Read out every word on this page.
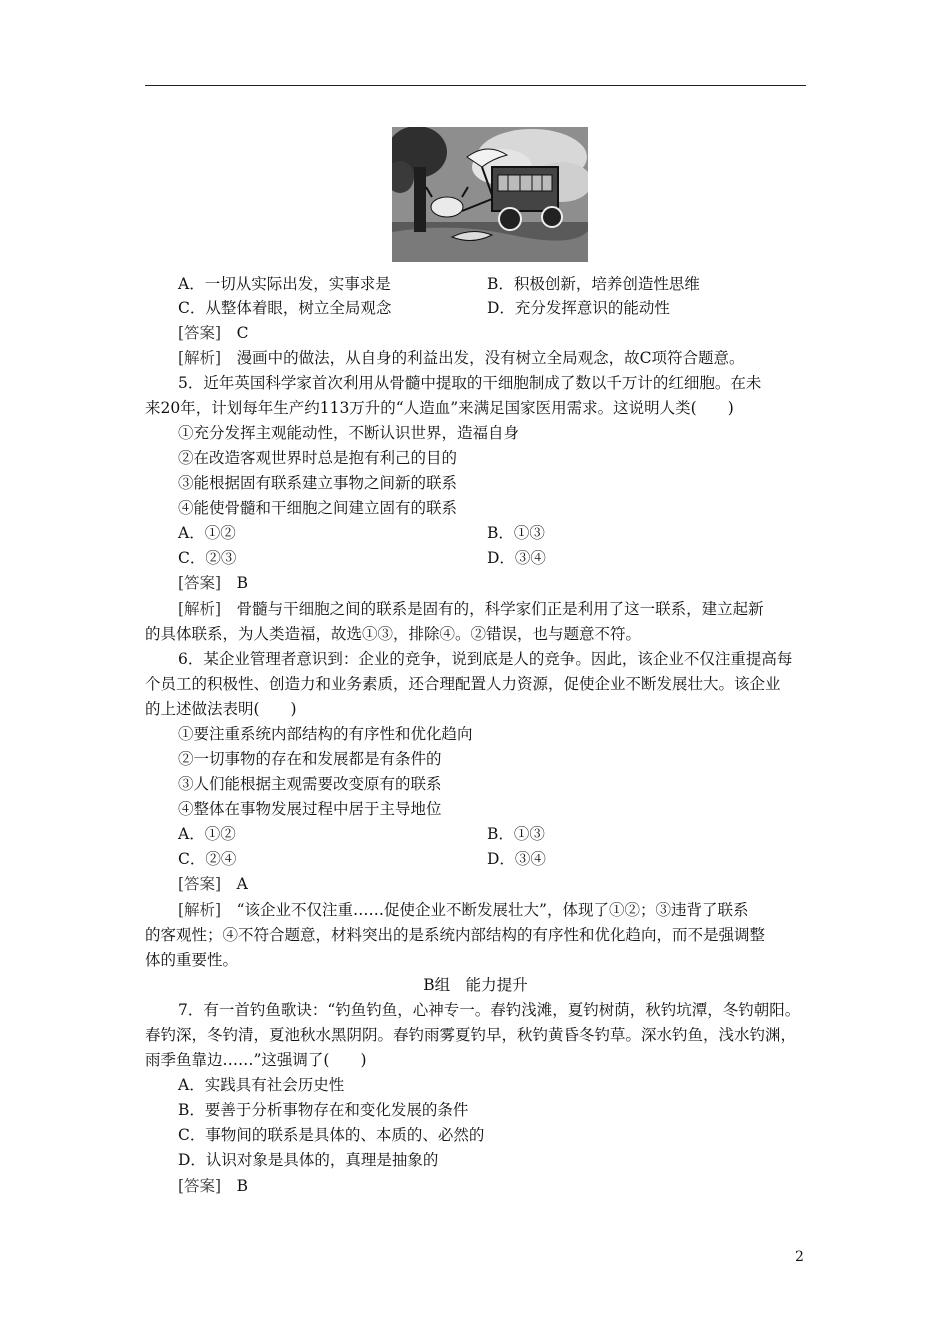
A．一切从实际出发，实事求是	B．积极创新，培养创造性思维
C．从整体着眼，树立全局观念	D．充分发挥意识的能动性
[答案]　 C
[解析]　 漫画中的做法，从自身的利益出发，没有树立全局观念，故C项符合题意。
5．近年英国科学家首次利用从骨髓中提取的干细胞制成了数以千万计的红细胞。在未
来20年，计划每年生产约113万升的“人造血”来满足国家医用需求。这说明人类(　　)
①充分发挥主观能动性，不断认识世界，造福自身
②在改造客观世界时总是抱有利己的目的
③能根据固有联系建立事物之间新的联系
④能使骨髓和干细胞之间建立固有的联系
A．①②	B．①③
C．②③	D．③④
[答案]　 B
[解析]　 骨髓与干细胞之间的联系是固有的，科学家们正是利用了这一联系，建立起新
的具体联系，为人类造福，故选①③，排除④。②错误，也与题意不符。
6．某企业管理者意识到：企业的竞争，说到底是人的竞争。因此，该企业不仅注重提高每
个员工的积极性、创造力和业务素质，还合理配置人力资源，促使企业不断发展壮大。该企业
的上述做法表明(　　)
①要注重系统内部结构的有序性和优化趋向
②一切事物的存在和发展都是有条件的
③人们能根据主观需要改变原有的联系
④整体在事物发展过程中居于主导地位
A．①②	B．①③
C．②④	D．③④
[答案]　 A
[解析]　 “该企业不仅注重……促使企业不断发展壮大”，体现了①②；③违背了联系
的客观性；④不符合题意，材料突出的是系统内部结构的有序性和优化趋向，而不是强调整
体的重要性。
B组　能力提升
7．有一首钓鱼歌诀：“钓鱼钓鱼，心神专一。春钓浅滩，夏钓树荫，秋钓坑潭，冬钓朝阳。
春钓深，冬钓清，夏池秋水黑阴阴。春钓雨雾夏钓早，秋钓黄昏冬钓草。深水钓鱼，浅水钓渊，
雨季鱼靠边……”这强调了(　　)
A．实践具有社会历史性
B．要善于分析事物存在和变化发展的条件
C．事物间的联系是具体的、本质的、必然的
D．认识对象是具体的，真理是抽象的
[答案]　 B
2
